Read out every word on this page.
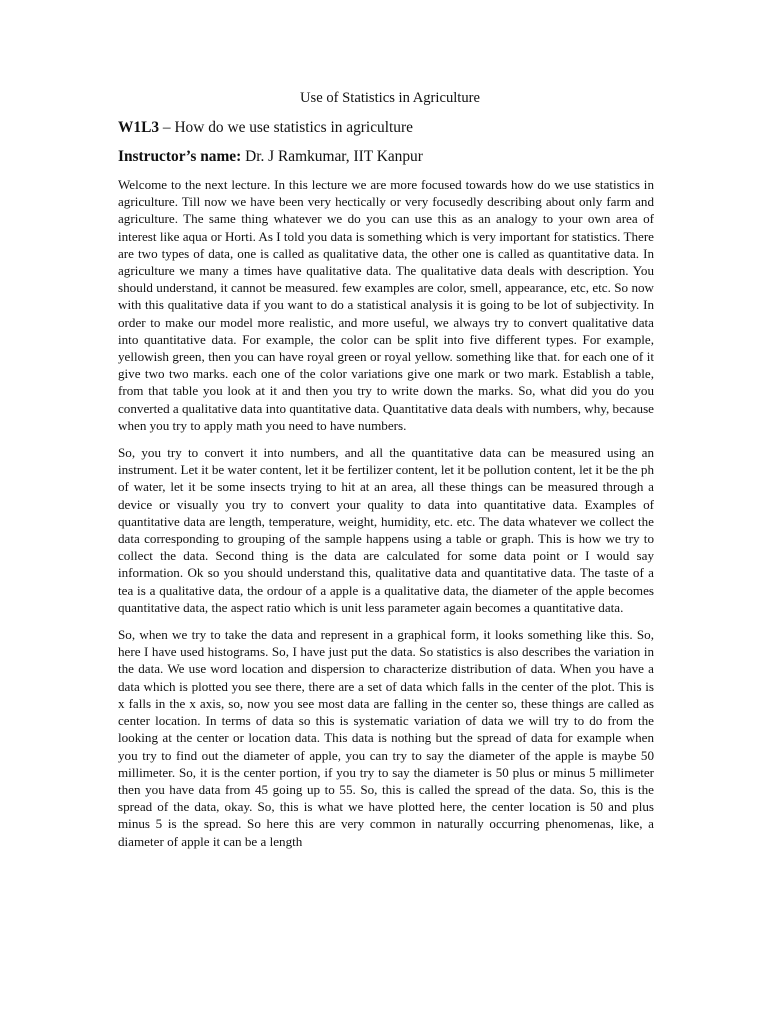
Use of Statistics in Agriculture
W1L3 – How do we use statistics in agriculture
Instructor’s name: Dr. J Ramkumar, IIT Kanpur

Welcome to the next lecture. In this lecture we are more focused towards how do we use statistics in agriculture. Till now we have been very hectically or very focusedly describing about only farm and agriculture. The same thing whatever we do you can use this as an analogy to your own area of interest like aqua or Horti. As I told you data is something which is very important for statistics. There are two types of data, one is called as qualitative data, the other one is called as quantitative data. In agriculture we many a times have qualitative data. The qualitative data deals with description. You should understand, it cannot be measured. few examples are color, smell, appearance, etc, etc. So now with this qualitative data if you want to do a statistical analysis it is going to be lot of subjectivity. In order to make our model more realistic, and more useful, we always try to convert qualitative data into quantitative data. For example, the color can be split into five different types. For example, yellowish green, then you can have royal green or royal yellow. something like that. for each one of it give two two marks. each one of the color variations give one mark or two mark. Establish a table, from that table you look at it and then you try to write down the marks. So, what did you do you converted a qualitative data into quantitative data. Quantitative data deals with numbers, why, because when you try to apply math you need to have numbers.

So, you try to convert it into numbers, and all the quantitative data can be measured using an instrument. Let it be water content, let it be fertilizer content, let it be pollution content, let it be the ph of water, let it be some insects trying to hit at an area, all these things can be measured through a device or visually you try to convert your quality to data into quantitative data. Examples of quantitative data are length, temperature, weight, humidity, etc. etc. The data whatever we collect the data corresponding to grouping of the sample happens using a table or graph. This is how we try to collect the data. Second thing is the data are calculated for some data point or I would say information. Ok so you should understand this, qualitative data and quantitative data. The taste of a tea is a qualitative data, the ordour of a apple is a qualitative data, the diameter of the apple becomes quantitative data, the aspect ratio which is unit less parameter again becomes a quantitative data.

So, when we try to take the data and represent in a graphical form, it looks something like this. So, here I have used histograms. So, I have just put the data. So statistics is also describes the variation in the data. We use word location and dispersion to characterize distribution of data. When you have a data which is plotted you see there, there are a set of data which falls in the center of the plot. This is x falls in the x axis, so, now you see most data are falling in the center so, these things are called as center location. In terms of data so this is systematic variation of data we will try to do from the looking at the center or location data. This data is nothing but the spread of data for example when you try to find out the diameter of apple, you can try to say the diameter of the apple is maybe 50 millimeter. So, it is the center portion, if you try to say the diameter is 50 plus or minus 5 millimeter then you have data from 45 going up to 55. So, this is called the spread of the data. So, this is the spread of the data, okay. So, this is what we have plotted here, the center location is 50 and plus minus 5 is the spread. So here this are very common in naturally occurring phenomenas, like, a diameter of apple it can be a length
